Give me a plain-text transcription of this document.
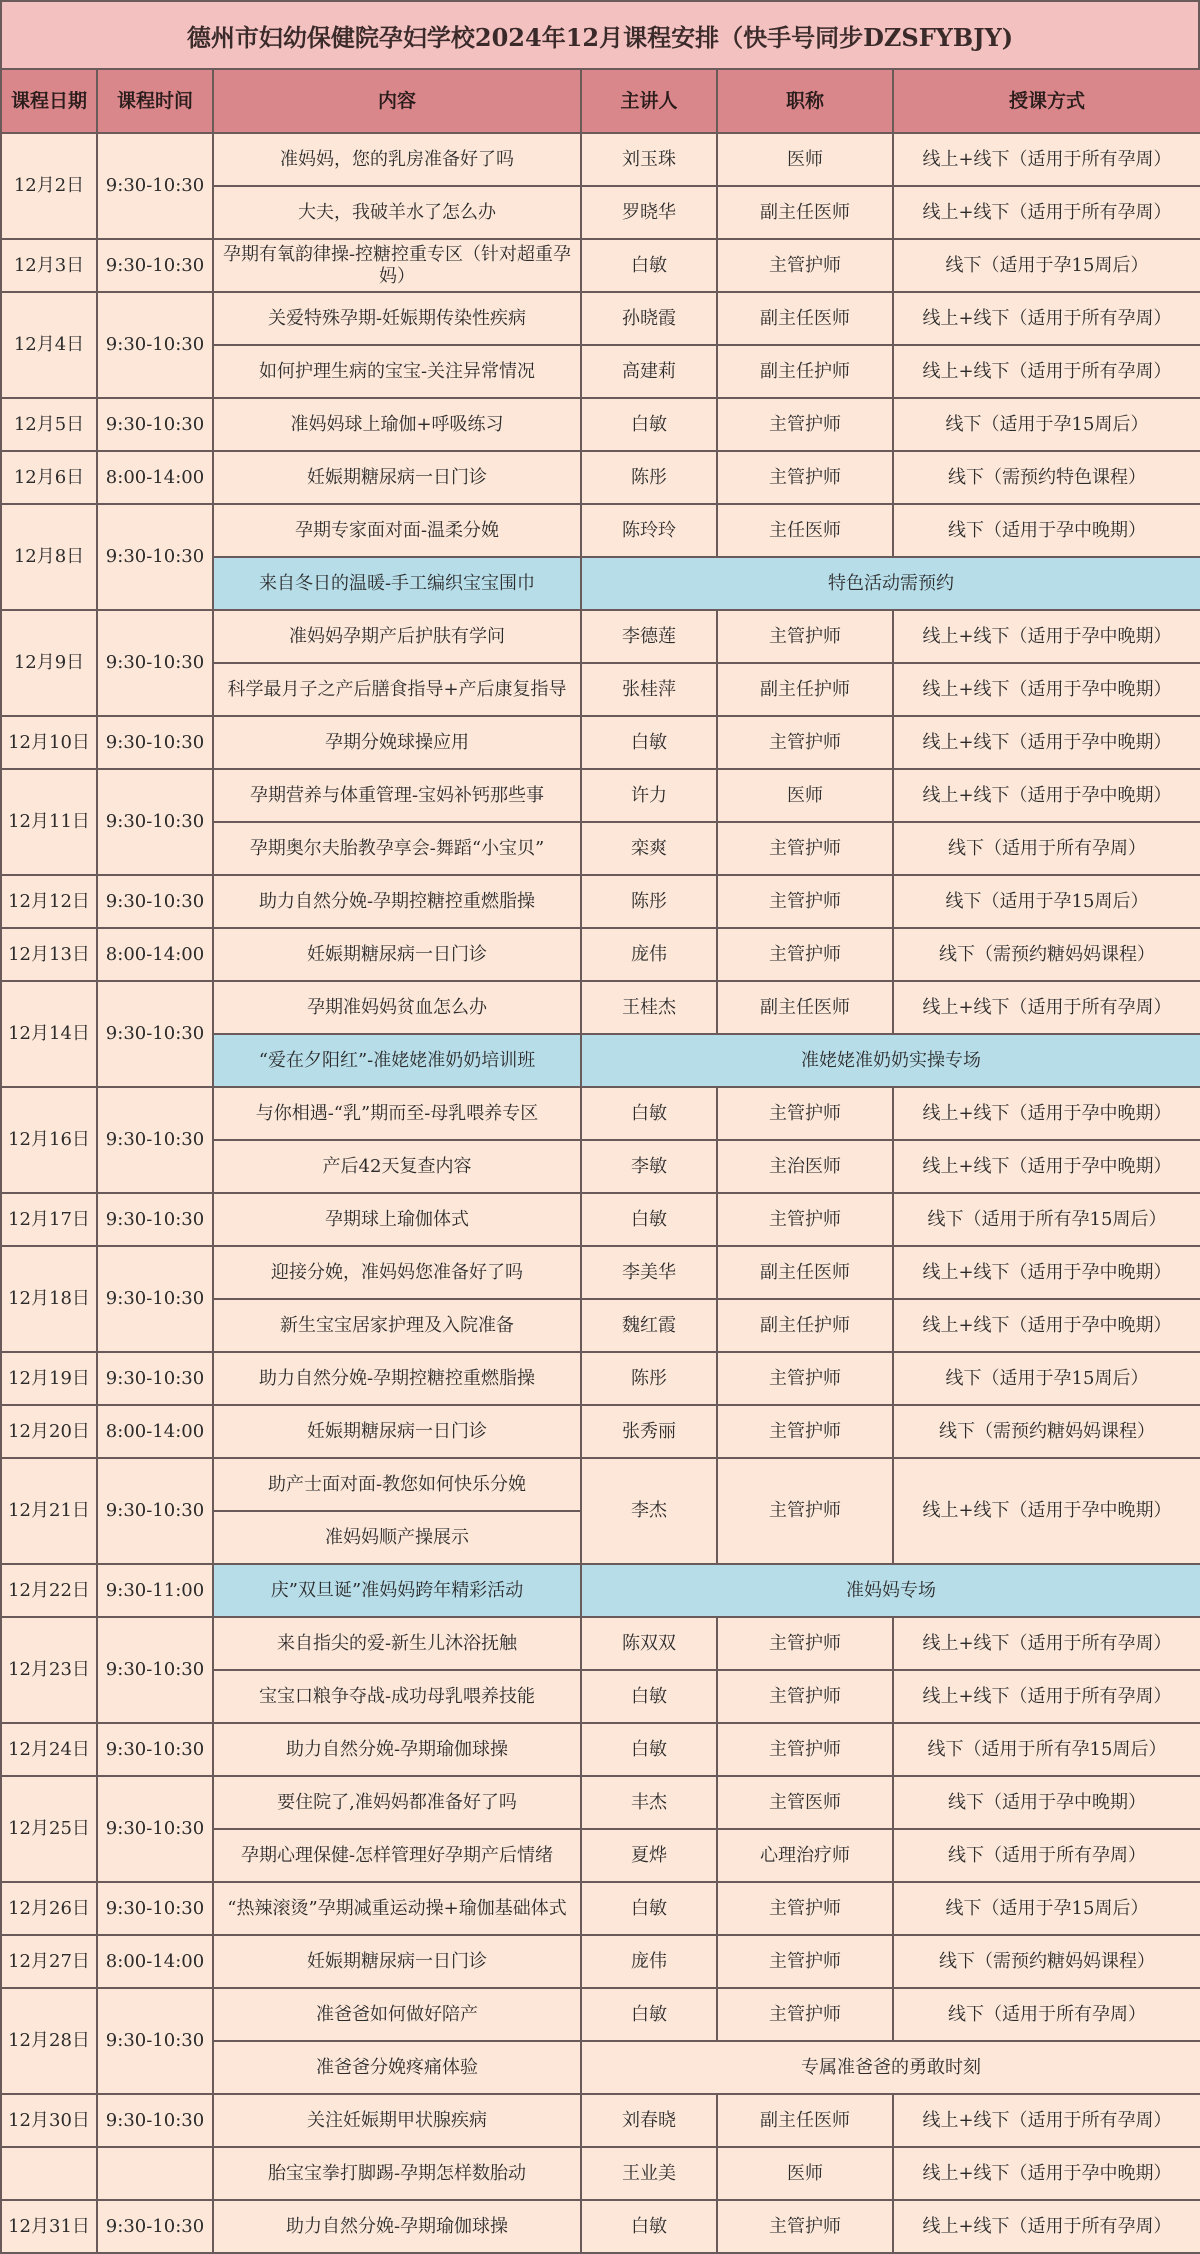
德州市妇幼保健院孕妇学校2024年12月课程安排（快手号同步DZSFYBJY)
课程日期	课程时间	内容	主讲人	职称	授课方式
12月2日	9:30-10:30	准妈妈，您的乳房准备好了吗	刘玉珠	医师	线上+线下（适用于所有孕周）
		大夫，我破羊水了怎么办	罗晓华	副主任医师	线上+线下（适用于所有孕周）
12月3日	9:30-10:30	孕期有氧韵律操-控糖控重专区（针对超重孕妈）	白敏	主管护师	线下（适用于孕15周后）
12月4日	9:30-10:30	关爱特殊孕期-妊娠期传染性疾病	孙晓霞	副主任医师	线上+线下（适用于所有孕周）
		如何护理生病的宝宝-关注异常情况	高建莉	副主任护师	线上+线下（适用于所有孕周）
12月5日	9:30-10:30	准妈妈球上瑜伽+呼吸练习	白敏	主管护师	线下（适用于孕15周后）
12月6日	8:00-14:00	妊娠期糖尿病一日门诊	陈彤	主管护师	线下（需预约特色课程）
12月8日	9:30-10:30	孕期专家面对面-温柔分娩	陈玲玲	主任医师	线下（适用于孕中晚期）
		来自冬日的温暖-手工编织宝宝围巾	特色活动需预约		
12月9日	9:30-10:30	准妈妈孕期产后护肤有学问	李德莲	主管护师	线上+线下（适用于孕中晚期）
		科学最月子之产后膳食指导+产后康复指导	张桂萍	副主任护师	线上+线下（适用于孕中晚期）
12月10日	9:30-10:30	孕期分娩球操应用	白敏	主管护师	线上+线下（适用于孕中晚期）
12月11日	9:30-10:30	孕期营养与体重管理-宝妈补钙那些事	许力	医师	线上+线下（适用于孕中晚期）
		孕期奥尔夫胎教孕享会-舞蹈“小宝贝”	栾爽	主管护师	线下（适用于所有孕周）
12月12日	9:30-10:30	助力自然分娩-孕期控糖控重燃脂操	陈彤	主管护师	线下（适用于孕15周后）
12月13日	8:00-14:00	妊娠期糖尿病一日门诊	庞伟	主管护师	线下（需预约糖妈妈课程）
12月14日	9:30-10:30	孕期准妈妈贫血怎么办	王桂杰	副主任医师	线上+线下（适用于所有孕周）
		“爱在夕阳红”-准姥姥准奶奶培训班	准姥姥准奶奶实操专场		
12月16日	9:30-10:30	与你相遇-“乳”期而至-母乳喂养专区	白敏	主管护师	线上+线下（适用于孕中晚期）
		产后42天复查内容	李敏	主治医师	线上+线下（适用于孕中晚期）
12月17日	9:30-10:30	孕期球上瑜伽体式	白敏	主管护师	线下（适用于所有孕15周后）
12月18日	9:30-10:30	迎接分娩，准妈妈您准备好了吗	李美华	副主任医师	线上+线下（适用于孕中晚期）
		新生宝宝居家护理及入院准备	魏红霞	副主任护师	线上+线下（适用于孕中晚期）
12月19日	9:30-10:30	助力自然分娩-孕期控糖控重燃脂操	陈彤	主管护师	线下（适用于孕15周后）
12月20日	8:00-14:00	妊娠期糖尿病一日门诊	张秀丽	主管护师	线下（需预约糖妈妈课程）
12月21日	9:30-10:30	助产士面对面-教您如何快乐分娩	李杰	主管护师	线上+线下（适用于孕中晚期）
		准妈妈顺产操展示			
12月22日	9:30-11:00	庆”双旦诞”准妈妈跨年精彩活动	准妈妈专场		
12月23日	9:30-10:30	来自指尖的爱-新生儿沐浴抚触	陈双双	主管护师	线上+线下（适用于所有孕周）
		宝宝口粮争夺战-成功母乳喂养技能	白敏	主管护师	线上+线下（适用于所有孕周）
12月24日	9:30-10:30	助力自然分娩-孕期瑜伽球操	白敏	主管护师	线下（适用于所有孕15周后）
12月25日	9:30-10:30	要住院了,准妈妈都准备好了吗	丰杰	主管医师	线下（适用于孕中晚期）
		孕期心理保健-怎样管理好孕期产后情绪	夏烨	心理治疗师	线下（适用于所有孕周）
12月26日	9:30-10:30	“热辣滚烫”孕期减重运动操+瑜伽基础体式	白敏	主管护师	线下（适用于孕15周后）
12月27日	8:00-14:00	妊娠期糖尿病一日门诊	庞伟	主管护师	线下（需预约糖妈妈课程）
12月28日	9:30-10:30	准爸爸如何做好陪产	白敏	主管护师	线下（适用于所有孕周）
		准爸爸分娩疼痛体验	专属准爸爸的勇敢时刻		
12月30日	9:30-10:30	关注妊娠期甲状腺疾病	刘春晓	副主任医师	线上+线下（适用于所有孕周）
		胎宝宝拳打脚踢-孕期怎样数胎动	王业美	医师	线上+线下（适用于孕中晚期）
12月31日	9:30-10:30	助力自然分娩-孕期瑜伽球操	白敏	主管护师	线上+线下（适用于所有孕周）
